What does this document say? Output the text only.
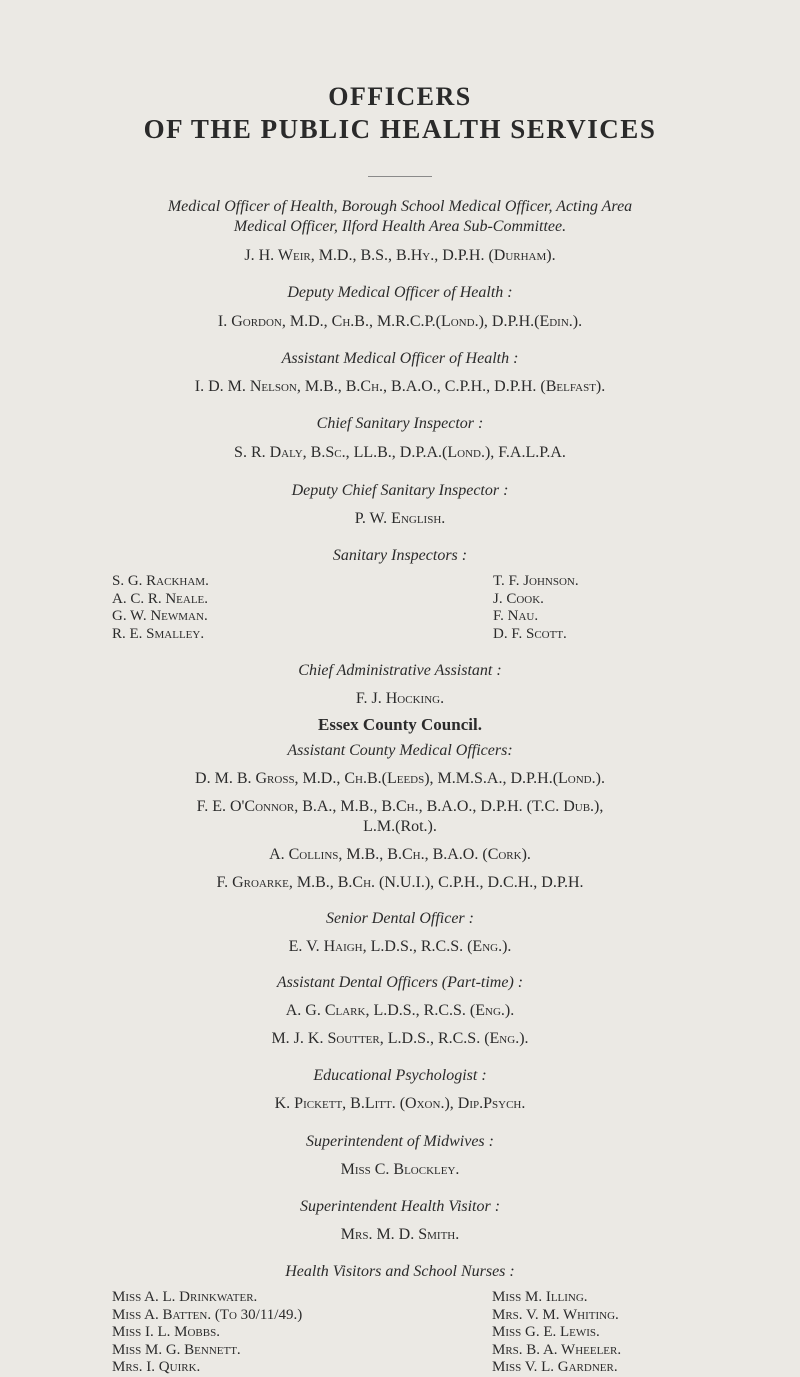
OFFICERS
OF THE PUBLIC HEALTH SERVICES
Medical Officer of Health, Borough School Medical Officer, Acting Area
Medical Officer, Ilford Health Area Sub-Committee.
J. H. Weir, M.D., B.S., B.Hy., D.P.H. (Durham).
Deputy Medical Officer of Health :
I. Gordon, M.D., Ch.B., M.R.C.P.(Lond.), D.P.H.(Edin.).
Assistant Medical Officer of Health :
I. D. M. Nelson, M.B., B.Ch., B.A.O., C.P.H., D.P.H. (Belfast).
Chief Sanitary Inspector :
S. R. Daly, B.Sc., LL.B., D.P.A.(Lond.), F.A.L.P.A.
Deputy Chief Sanitary Inspector :
P. W. English.
Sanitary Inspectors :
S. G. Rackham.
A. C. R. Neale.
G. W. Newman.
R. E. Smalley.
T. F. Johnson.
J. Cook.
F. Nau.
D. F. Scott.
Chief Administrative Assistant :
F. J. Hocking.
Essex County Council.
Assistant County Medical Officers:
D. M. B. Gross, M.D., Ch.B.(Leeds), M.M.S.A., D.P.H.(Lond.).
F. E. O'Connor, B.A., M.B., B.Ch., B.A.O., D.P.H. (T.C. Dub.),
L.M.(Rot.).
A. Collins, M.B., B.Ch., B.A.O. (Cork).
F. Groarke, M.B., B.Ch. (N.U.I.), C.P.H., D.C.H., D.P.H.
Senior Dental Officer :
E. V. Haigh, L.D.S., R.C.S. (Eng.).
Assistant Dental Officers (Part-time) :
A. G. Clark, L.D.S., R.C.S. (Eng.).
M. J. K. Soutter, L.D.S., R.C.S. (Eng.).
Educational Psychologist :
K. Pickett, B.Litt. (Oxon.), Dip.Psych.
Superintendent of Midwives :
Miss C. Blockley.
Superintendent Health Visitor :
Mrs. M. D. Smith.
Health Visitors and School Nurses :
Miss A. L. Drinkwater.
Miss A. Batten. (To 30/11/49.)
Miss I. L. Mobbs.
Miss M. G. Bennett.
Mrs. I. Quirk.
Miss M. Illing.
Mrs. V. M. Whiting.
Miss G. E. Lewis.
Mrs. B. A. Wheeler.
Miss V. L. Gardner.
